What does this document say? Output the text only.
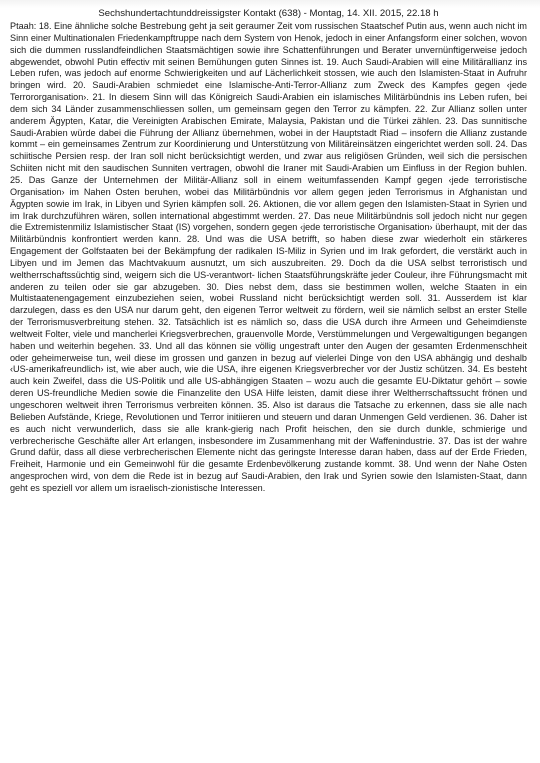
Sechshundertachtunddreissigster Kontakt (638) - Montag, 14. XII. 2015, 22.18 h

Ptaah: 18. Eine ähnliche solche Bestrebung geht ja seit geraumer Zeit vom russischen Staatschef Putin aus, wenn auch nicht im Sinn einer Multinationalen Friedenkampftruppe nach dem System von Henok, jedoch in einer Anfangsform einer solchen, wovon sich die dummen russlandfeindlichen Staatsmächtigen sowie ihre Schattenführungen und Berater unvernünftigerweise jedoch abgewendet, obwohl Putin effectiv mit seinen Bemühungen guten Sinnes ist. 19. Auch Saudi-Arabien will eine Militärallianz ins Leben rufen, was jedoch auf enorme Schwierigkeiten und auf Lächerlichkeit stossen, wie auch den Islamisten-Staat in Aufruhr bringen wird. 20. Saudi-Arabien schmiedet eine Islamische-Anti-Terror-Allianz zum Zweck des Kampfes gegen ‹jede Terrororganisation›. 21. In diesem Sinn will das Königreich Saudi-Arabien ein islamisches Militärbündnis ins Leben rufen, bei dem sich 34 Länder zusammenschliessen sollen, um gemeinsam gegen den Terror zu kämpfen. 22. Zur Allianz sollen unter anderem Ägypten, Katar, die Vereinigten Arabischen Emirate, Malaysia, Pakistan und die Türkei zählen. 23. Das sunnitische Saudi-Arabien würde dabei die Führung der Allianz übernehmen, wobei in der Hauptstadt Riad – insofern die Allianz zustande kommt – ein gemeinsames Zentrum zur Koordinierung und Unterstützung von Militäreinsätzen eingerichtet werden soll. 24. Das schiitische Persien resp. der Iran soll nicht berücksichtigt werden, und zwar aus religiösen Gründen, weil sich die persischen Schiiten nicht mit den saudischen Sunniten vertragen, obwohl die Iraner mit Saudi-Arabien um Einfluss in der Region buhlen. 25. Das Ganze der Unternehmen der Militär-Allianz soll in einem weitumfassenden Kampf gegen ‹jede terroristische Organisation› im Nahen Osten beruhen, wobei das Militärbündnis vor allem gegen jeden Terrorismus in Afghanistan und Ägypten sowie im Irak, in Libyen und Syrien kämpfen soll. 26. Aktionen, die vor allem gegen den Islamisten-Staat in Syrien und im Irak durchzuführen wären, sollen international abgestimmt werden. 27. Das neue Militärbündnis soll jedoch nicht nur gegen die Extremistenmiliz Islamistischer Staat (IS) vorgehen, sondern gegen ‹jede terroristische Organisation› überhaupt, mit der das Militärbündnis konfrontiert werden kann. 28. Und was die USA betrifft, so haben diese zwar wiederholt ein stärkeres Engagement der Golfstaaten bei der Bekämpfung der radikalen IS-Miliz in Syrien und im Irak gefordert, die verstärkt auch in Libyen und im Jemen das Machtvakuum ausnutzt, um sich auszubreiten. 29. Doch da die USA selbst terroristisch und weltherrschaftssüchtig sind, weigern sich die US-verantwort- lichen Staatsführungskräfte jeder Couleur, ihre Führungsmacht mit anderen zu teilen oder sie gar abzugeben. 30. Dies nebst dem, dass sie bestimmen wollen, welche Staaten in ein Multistaatenengagement einzubeziehen seien, wobei Russland nicht berücksichtigt werden soll. 31. Ausserdem ist klar darzulegen, dass es den USA nur darum geht, den eigenen Terror weltweit zu fördern, weil sie nämlich selbst an erster Stelle der Terrorismusverbreitung stehen. 32. Tatsächlich ist es nämlich so, dass die USA durch ihre Armeen und Geheimdienste weltweit Folter, viele und mancherlei Kriegsverbrechen, grauenvolle Morde, Verstümmelungen und Vergewaltigungen begangen haben und weiterhin begehen. 33. Und all das können sie völlig ungestraft unter den Augen der gesamten Erdenmenschheit oder geheimerweise tun, weil diese im grossen und ganzen in bezug auf vielerlei Dinge von den USA abhängig und deshalb ‹US-amerikafreundlich› ist, wie aber auch, wie die USA, ihre eigenen Kriegsverbrecher vor der Justiz schützen. 34. Es besteht auch kein Zweifel, dass die US-Politik und alle US-abhängigen Staaten – wozu auch die gesamte EU-Diktatur gehört – sowie deren US-freundliche Medien sowie die Finanzelite den USA Hilfe leisten, damit diese ihrer Weltherrschaftssucht frönen und ungeschoren weltweit ihren Terrorismus verbreiten können. 35. Also ist daraus die Tatsache zu erkennen, dass sie alle nach Belieben Aufstände, Kriege, Revolutionen und Terror initiieren und steuern und daran Unmengen Geld verdienen. 36. Daher ist es auch nicht verwunderlich, dass sie alle krank-gierig nach Profit heischen, den sie durch dunkle, schmierige und verbrecherische Geschäfte aller Art erlangen, insbesondere im Zusammenhang mit der Waffenindustrie. 37. Das ist der wahre Grund dafür, dass all diese verbrecherischen Elemente nicht das geringste Interesse daran haben, dass auf der Erde Frieden, Freiheit, Harmonie und ein Gemeinwohl für die gesamte Erdenbevölkerung zustande kommt. 38. Und wenn der Nahe Osten angesprochen wird, von dem die Rede ist in bezug auf Saudi-Arabien, den Irak und Syrien sowie den Islamisten-Staat, dann geht es speziell vor allem um israelisch-zionistische Interessen.
